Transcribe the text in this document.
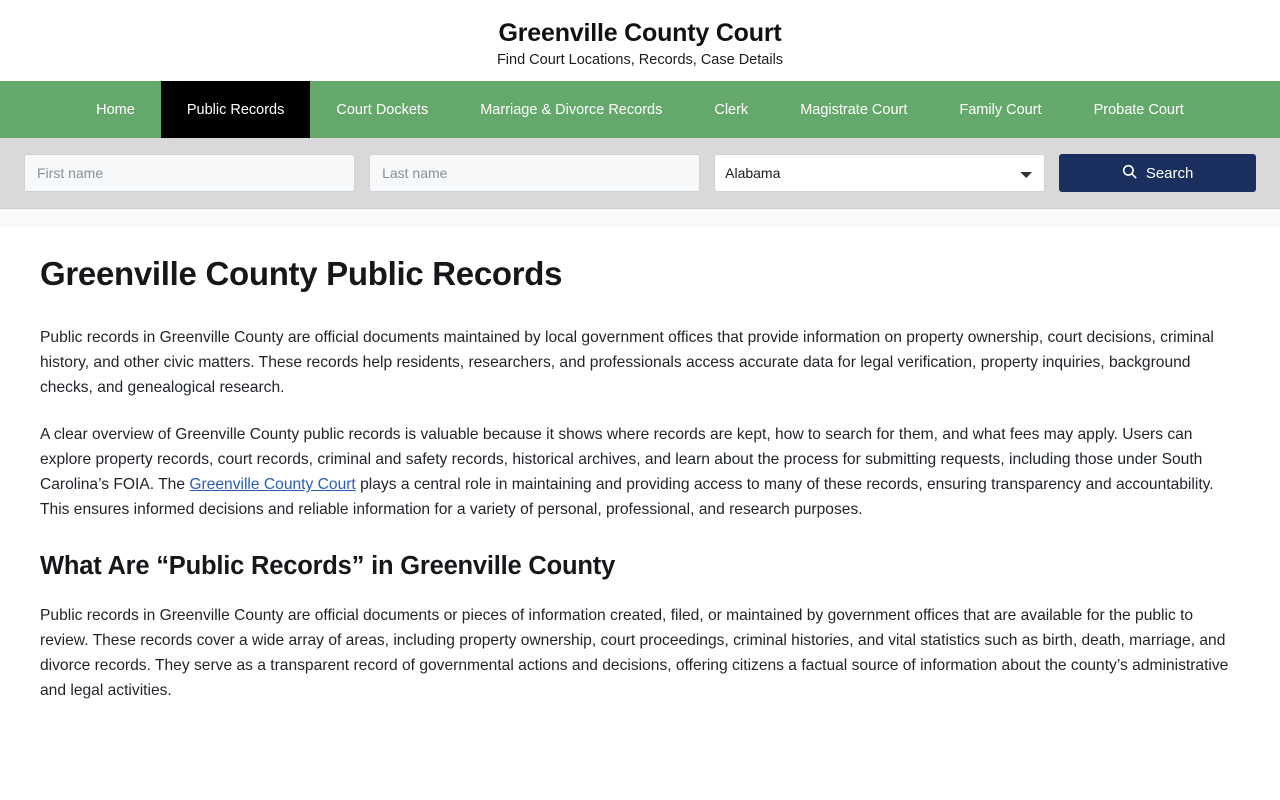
Greenville County Court

Find Court Locations, Records, Case Details

Home	Public Records	Court Dockets	Marriage & Divorce Records	Clerk	Magistrate Court	Family Court	Probate Court
First name
Last name
Alabama
Search
Greenville County Public Records

Public records in Greenville County are official documents maintained by local government offices that provide information on property ownership, court decisions, criminal history, and other civic matters. These records help residents, researchers, and professionals access accurate data for legal verification, property inquiries, background checks, and genealogical research.

A clear overview of Greenville County public records is valuable because it shows where records are kept, how to search for them, and what fees may apply. Users can explore property records, court records, criminal and safety records, historical archives, and learn about the process for submitting requests, including those under South Carolina’s FOIA. The Greenville County Court plays a central role in maintaining and providing access to many of these records, ensuring transparency and accountability. This ensures informed decisions and reliable information for a variety of personal, professional, and research purposes.

What Are “Public Records” in Greenville County

Public records in Greenville County are official documents or pieces of information created, filed, or maintained by government offices that are available for the public to review. These records cover a wide array of areas, including property ownership, court proceedings, criminal histories, and vital statistics such as birth, death, marriage, and divorce records. They serve as a transparent record of governmental actions and decisions, offering citizens a factual source of information about the county’s administrative and legal activities.
